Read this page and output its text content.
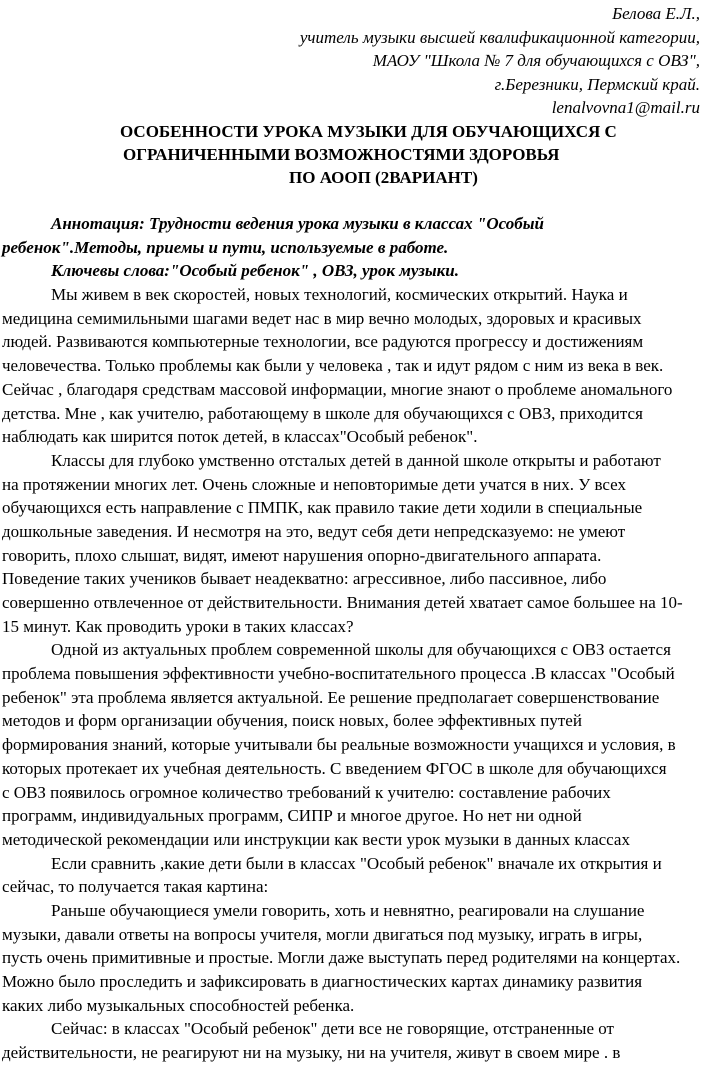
Белова Е.Л.,
учитель музыки высшей квалификационной категории,
МАОУ "Школа № 7 для обучающихся с ОВЗ",
г.Березники, Пермский край.
lenalvovna1@mail.ru
ОСОБЕННОСТИ УРОКА МУЗЫКИ ДЛЯ ОБУЧАЮЩИХСЯ С
ОГРАНИЧЕННЫМИ ВОЗМОЖНОСТЯМИ ЗДОРОВЬЯ
ПО АООП (2ВАРИАНТ)
Аннотация: Трудности ведения урока музыки в классах "Особый
ребенок".Методы, приемы и пути, используемые в работе.
Ключевы слова:"Особый ребенок" , ОВЗ, урок музыки.
Мы живем в век скоростей, новых технологий, космических открытий. Наука и
медицина семимильными шагами ведет нас в мир вечно молодых, здоровых и красивых
людей. Развиваются компьютерные технологии, все радуются прогрессу и достижениям
человечества. Только проблемы как были у человека , так и идут рядом с ним из века в век.
Сейчас , благодаря средствам массовой информации, многие знают о проблеме аномального
детства. Мне , как учителю, работающему в школе для обучающихся с ОВЗ, приходится
наблюдать как ширится поток детей, в классах"Особый ребенок".
Классы для глубоко умственно отсталых детей в данной школе открыты и работают
на протяжении многих лет. Очень сложные и неповторимые дети учатся в них. У всех
обучающихся есть направление с ПМПК, как правило такие дети ходили в специальные
дошкольные заведения. И несмотря на это, ведут себя дети непредсказуемо: не умеют
говорить, плохо слышат, видят, имеют нарушения опорно-двигательного аппарата.
Поведение таких учеников бывает неадекватно: агрессивное, либо пассивное, либо
совершенно отвлеченное от действительности. Внимания детей хватает самое большее на 10-
15 минут. Как проводить уроки в таких классах?
Одной из актуальных проблем современной школы для обучающихся с ОВЗ остается
проблема повышения эффективности учебно-воспитательного процесса .В классах "Особый
ребенок" эта проблема является актуальной. Ее решение предполагает совершенствование
методов и форм организации обучения, поиск новых, более эффективных путей
формирования знаний, которые учитывали бы реальные возможности учащихся и условия, в
которых протекает их учебная деятельность. С введением ФГОС в школе для обучающихся
с ОВЗ появилось огромное количество требований к учителю: составление рабочих
программ, индивидуальных программ, СИПР и многое другое. Но нет ни одной
методической рекомендации или инструкции как вести урок музыки в данных классах
Если сравнить ,какие дети были в классах "Особый ребенок" вначале их открытия и
сейчас, то получается такая картина:
Раньше обучающиеся умели говорить, хоть и невнятно, реагировали на слушание
музыки, давали ответы на вопросы учителя, могли двигаться под музыку, играть в игры,
пусть очень примитивные и простые. Могли даже выступать перед родителями на концертах.
Можно было проследить и зафиксировать в диагностических картах динамику развития
каких либо музыкальных способностей ребенка.
Сейчас: в классах "Особый ребенок" дети все не говорящие, отстраненные от
действительности, не реагируют ни на музыку, ни на учителя, живут в своем мире . в
